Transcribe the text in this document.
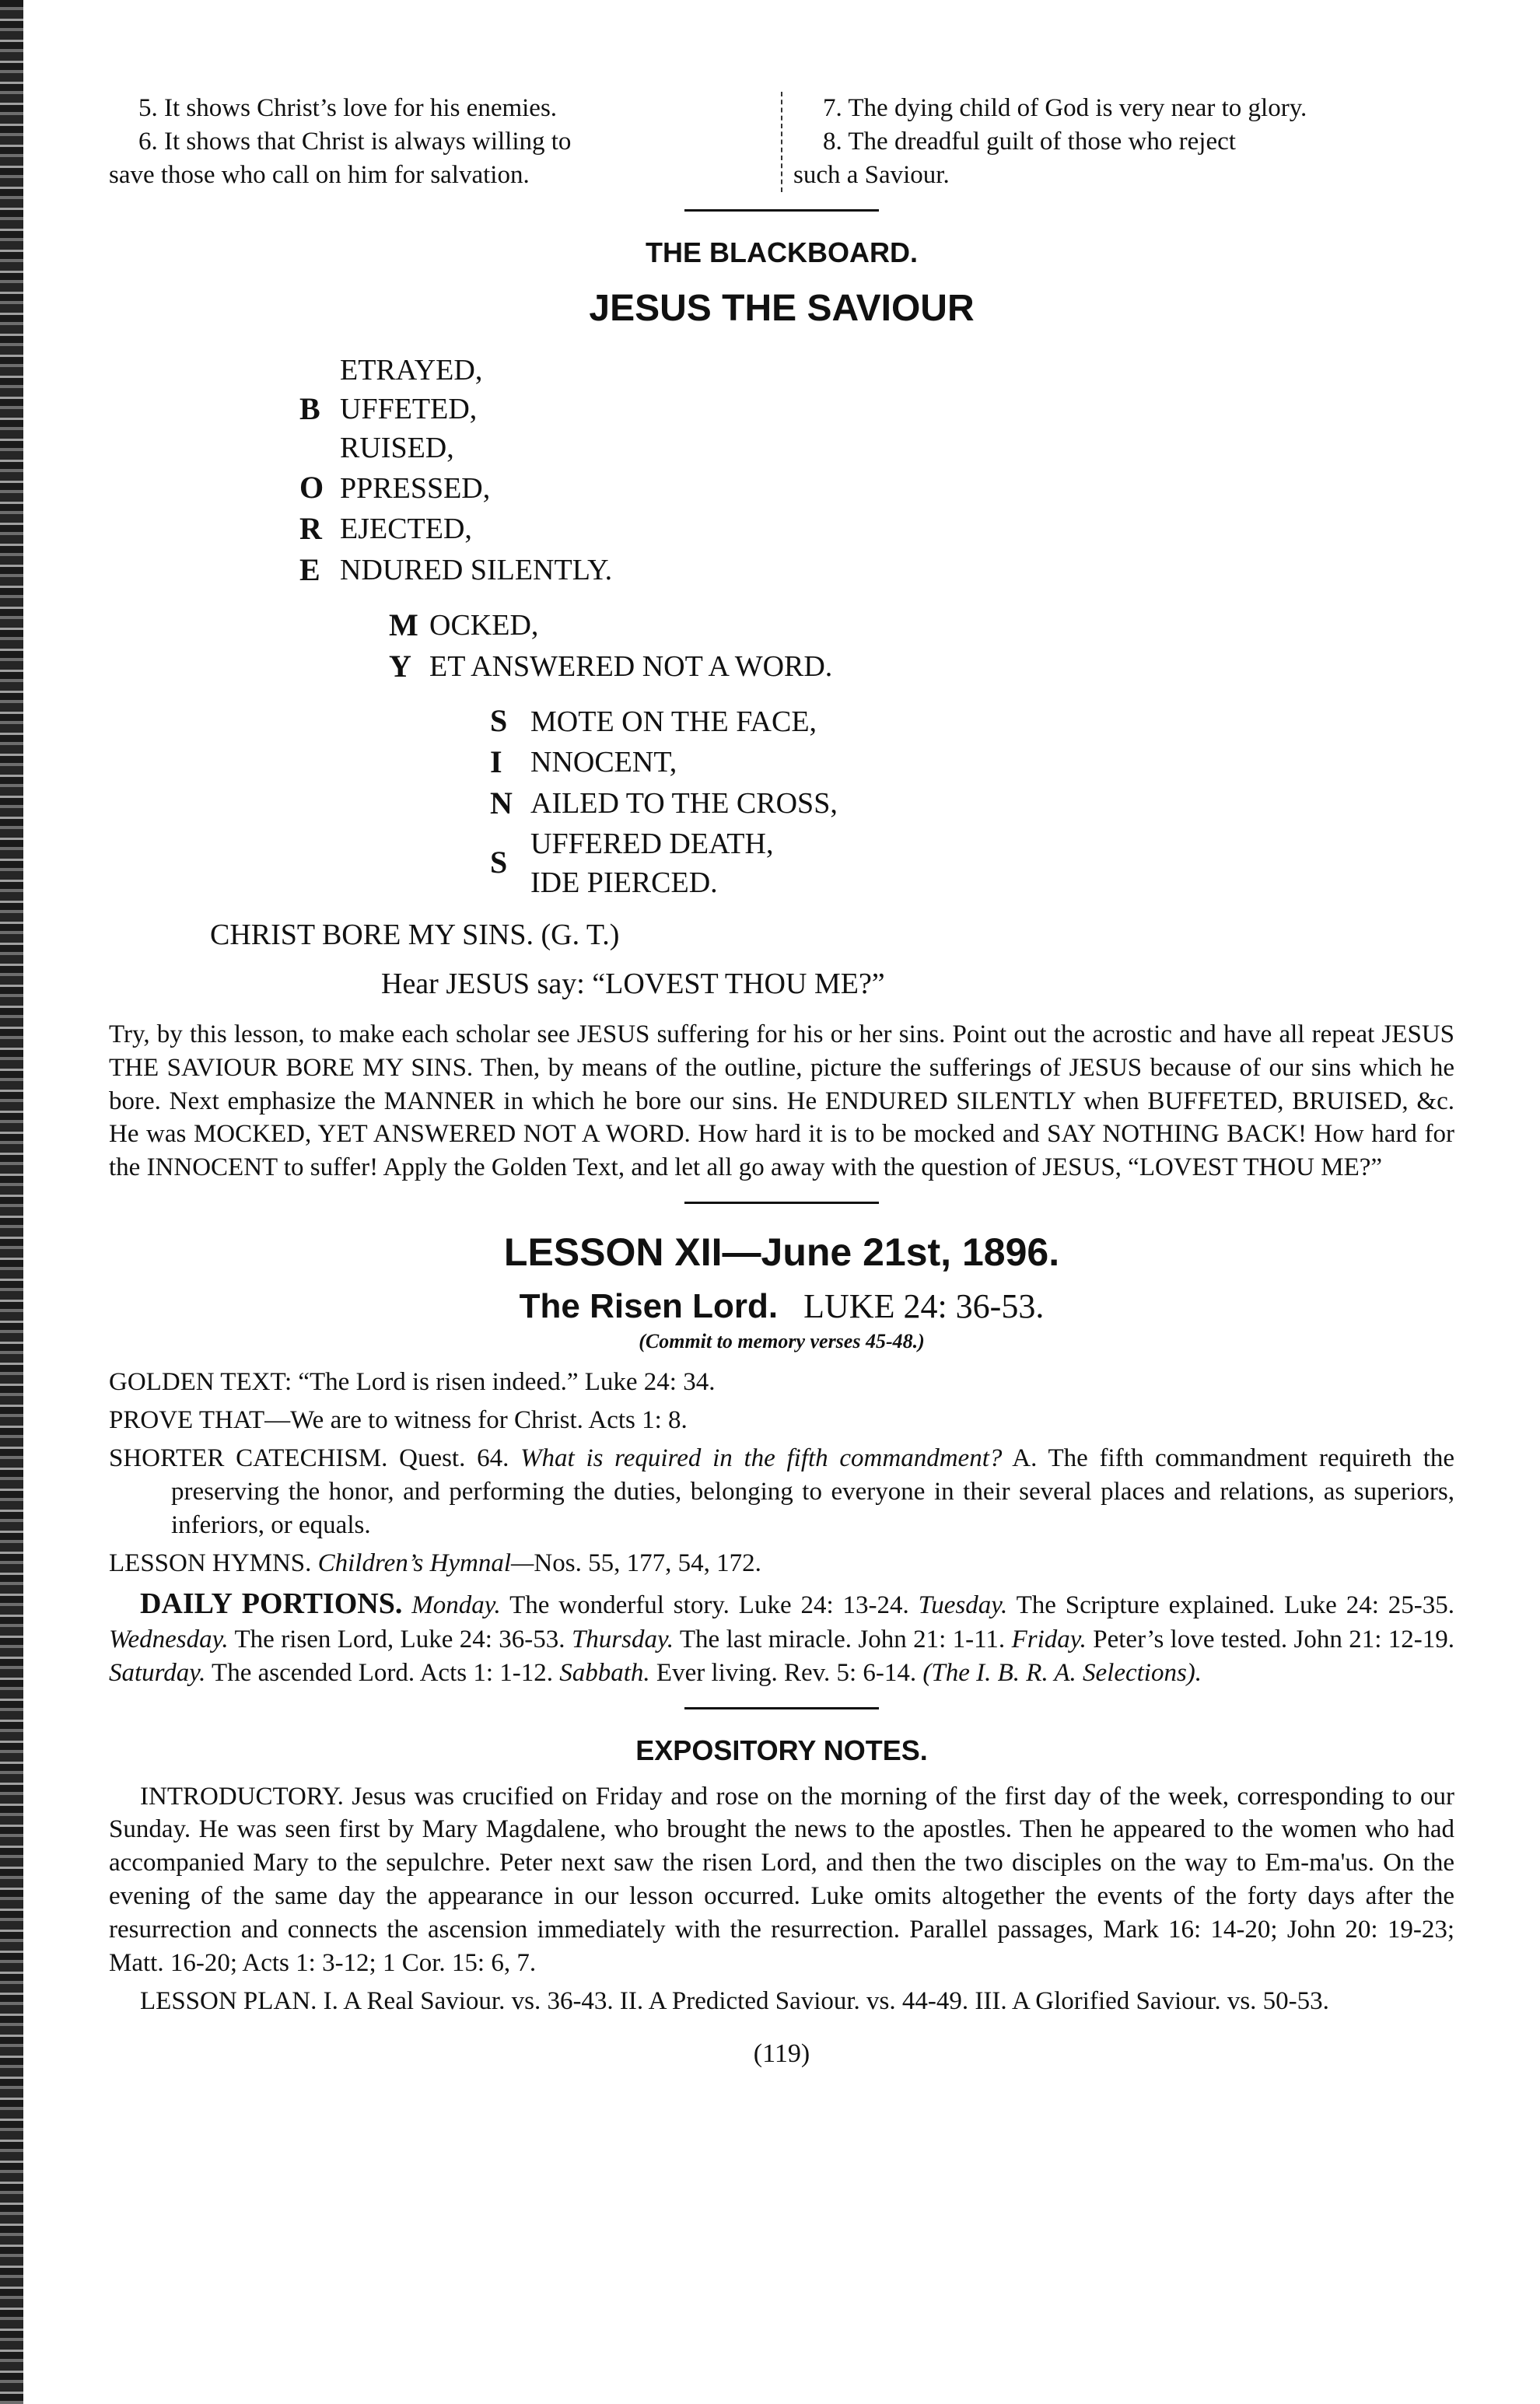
5. It shows Christ’s love for his enemies.

6. It shows that Christ is always willing to

save those who call on him for salvation.

7. The dying child of God is very near to glory.

8. The dreadful guilt of those who reject

such a Saviour.

THE BLACKBOARD.
JESUS THE SAVIOUR
B
ETRAYED,
UFFETED,
RUISED,
O PPRESSED,
R EJECTED,
E NDURED SILENTLY.
M OCKED,
Y ET ANSWERED NOT A WORD.
S MOTE ON THE FACE,
I NNOCENT,
N AILED TO THE CROSS,
S
UFFERED DEATH,
IDE PIERCED.
CHRIST BORE MY SINS. (G. T.)
Hear JESUS say: “LOVEST THOU ME?”

Try, by this lesson, to make each scholar see JESUS suffering for his or her sins. Point out the acrostic and have all repeat JESUS THE SAVIOUR BORE MY SINS. Then, by means of the outline, picture the sufferings of JESUS because of our sins which he bore. Next emphasize the MANNER in which he bore our sins. He ENDURED SILENTLY when BUFFETED, BRUISED, &c. He was MOCKED, YET ANSWERED NOT A WORD. How hard it is to be mocked and SAY NOTHING BACK! How hard for the INNOCENT to suffer! Apply the Golden Text, and let all go away with the question of JESUS, “LOVEST THOU ME?”

LESSON XII—June 21st, 1896.
The Risen Lord. LUKE 24: 36-53.
(Commit to memory verses 45-48.)

GOLDEN TEXT: “The Lord is risen indeed.” Luke 24: 34.

PROVE THAT—We are to witness for Christ. Acts 1: 8.

SHORTER CATECHISM. Quest. 64. What is required in the fifth commandment? A. The fifth commandment requireth the preserving the honor, and performing the duties, belonging to everyone in their several places and relations, as superiors, inferiors, or equals.

LESSON HYMNS. Children’s Hymnal—Nos. 55, 177, 54, 172.

DAILY PORTIONS. Monday. The wonderful story. Luke 24: 13-24. Tuesday. The Scripture explained. Luke 24: 25-35. Wednesday. The risen Lord, Luke 24: 36-53. Thursday. The last miracle. John 21: 1-11. Friday. Peter’s love tested. John 21: 12-19. Saturday. The ascended Lord. Acts 1: 1-12. Sabbath. Ever living. Rev. 5: 6-14. (The I. B. R. A. Selections).

EXPOSITORY NOTES.

INTRODUCTORY. Jesus was crucified on Friday and rose on the morning of the first day of the week, corresponding to our Sunday. He was seen first by Mary Magdalene, who brought the news to the apostles. Then he appeared to the women who had accompanied Mary to the sepulchre. Peter next saw the risen Lord, and then the two disciples on the way to Em-ma'us. On the evening of the same day the appearance in our lesson occurred. Luke omits altogether the events of the forty days after the resurrection and connects the ascension immediately with the resurrection. Parallel passages, Mark 16: 14-20; John 20: 19-23; Matt. 16-20; Acts 1: 3-12; 1 Cor. 15: 6, 7.

LESSON PLAN. I. A Real Saviour. vs. 36-43. II. A Predicted Saviour. vs. 44-49. III. A Glorified Saviour. vs. 50-53.

(119)
